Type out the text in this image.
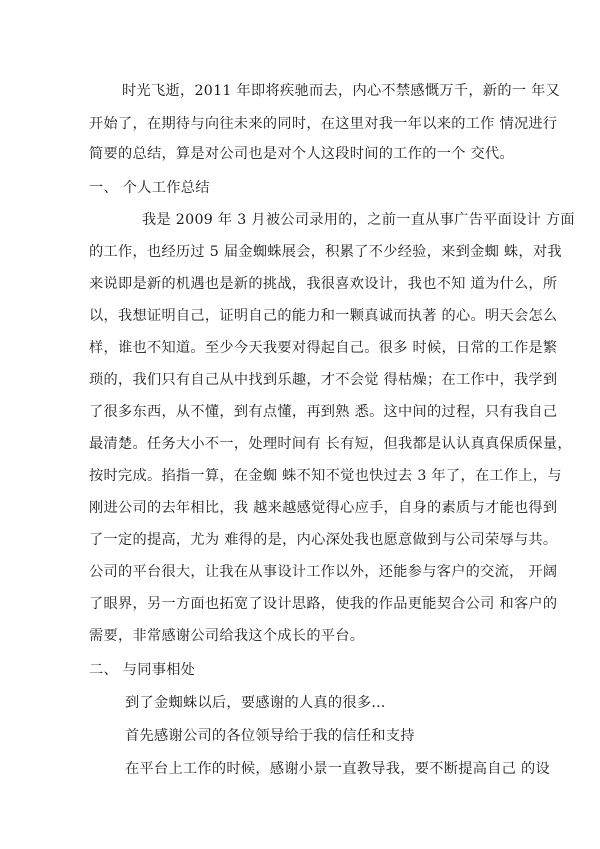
时光飞逝，2011 年即将疾驰而去，内心不禁感慨万千，新的一 年又
开始了，在期待与向往未来的同时，在这里对我一年以来的工作 情况进行
简要的总结，算是对公司也是对个人这段时间的工作的一个 交代。
一、 个人工作总结
我是 2009 年 3 月被公司录用的，之前一直从事广告平面设计 方面
的工作，也经历过 5 届金蜘蛛展会，积累了不少经验，来到金蜘 蛛，对我
来说即是新的机遇也是新的挑战，我很喜欢设计，我也不知 道为什么，所
以，我想证明自己，证明自己的能力和一颗真诚而执著 的心。明天会怎么
样，谁也不知道。至少今天我要对得起自己。很多 时候，日常的工作是繁
琐的，我们只有自己从中找到乐趣，才不会觉 得枯燥；在工作中，我学到
了很多东西，从不懂，到有点懂，再到熟 悉。这中间的过程，只有我自己
最清楚。任务大小不一，处理时间有 长有短，但我都是认认真真保质保量，
按时完成。掐指一算，在金蜘 蛛不知不觉也快过去 3 年了，在工作上，与
刚进公司的去年相比，我 越来越感觉得心应手，自身的素质与才能也得到
了一定的提高，尤为 难得的是，内心深处我也愿意做到与公司荣辱与共。
公司的平台很大，让我在从事设计工作以外，还能参与客户的交流， 开阔
了眼界，另一方面也拓宽了设计思路，使我的作品更能契合公司 和客户的
需要，非常感谢公司给我这个成长的平台。
二、 与同事相处
到了金蜘蛛以后，要感谢的人真的很多…
首先感谢公司的各位领导给于我的信任和支持
在平台上工作的时候，感谢小景一直教导我，要不断提高自己 的设
